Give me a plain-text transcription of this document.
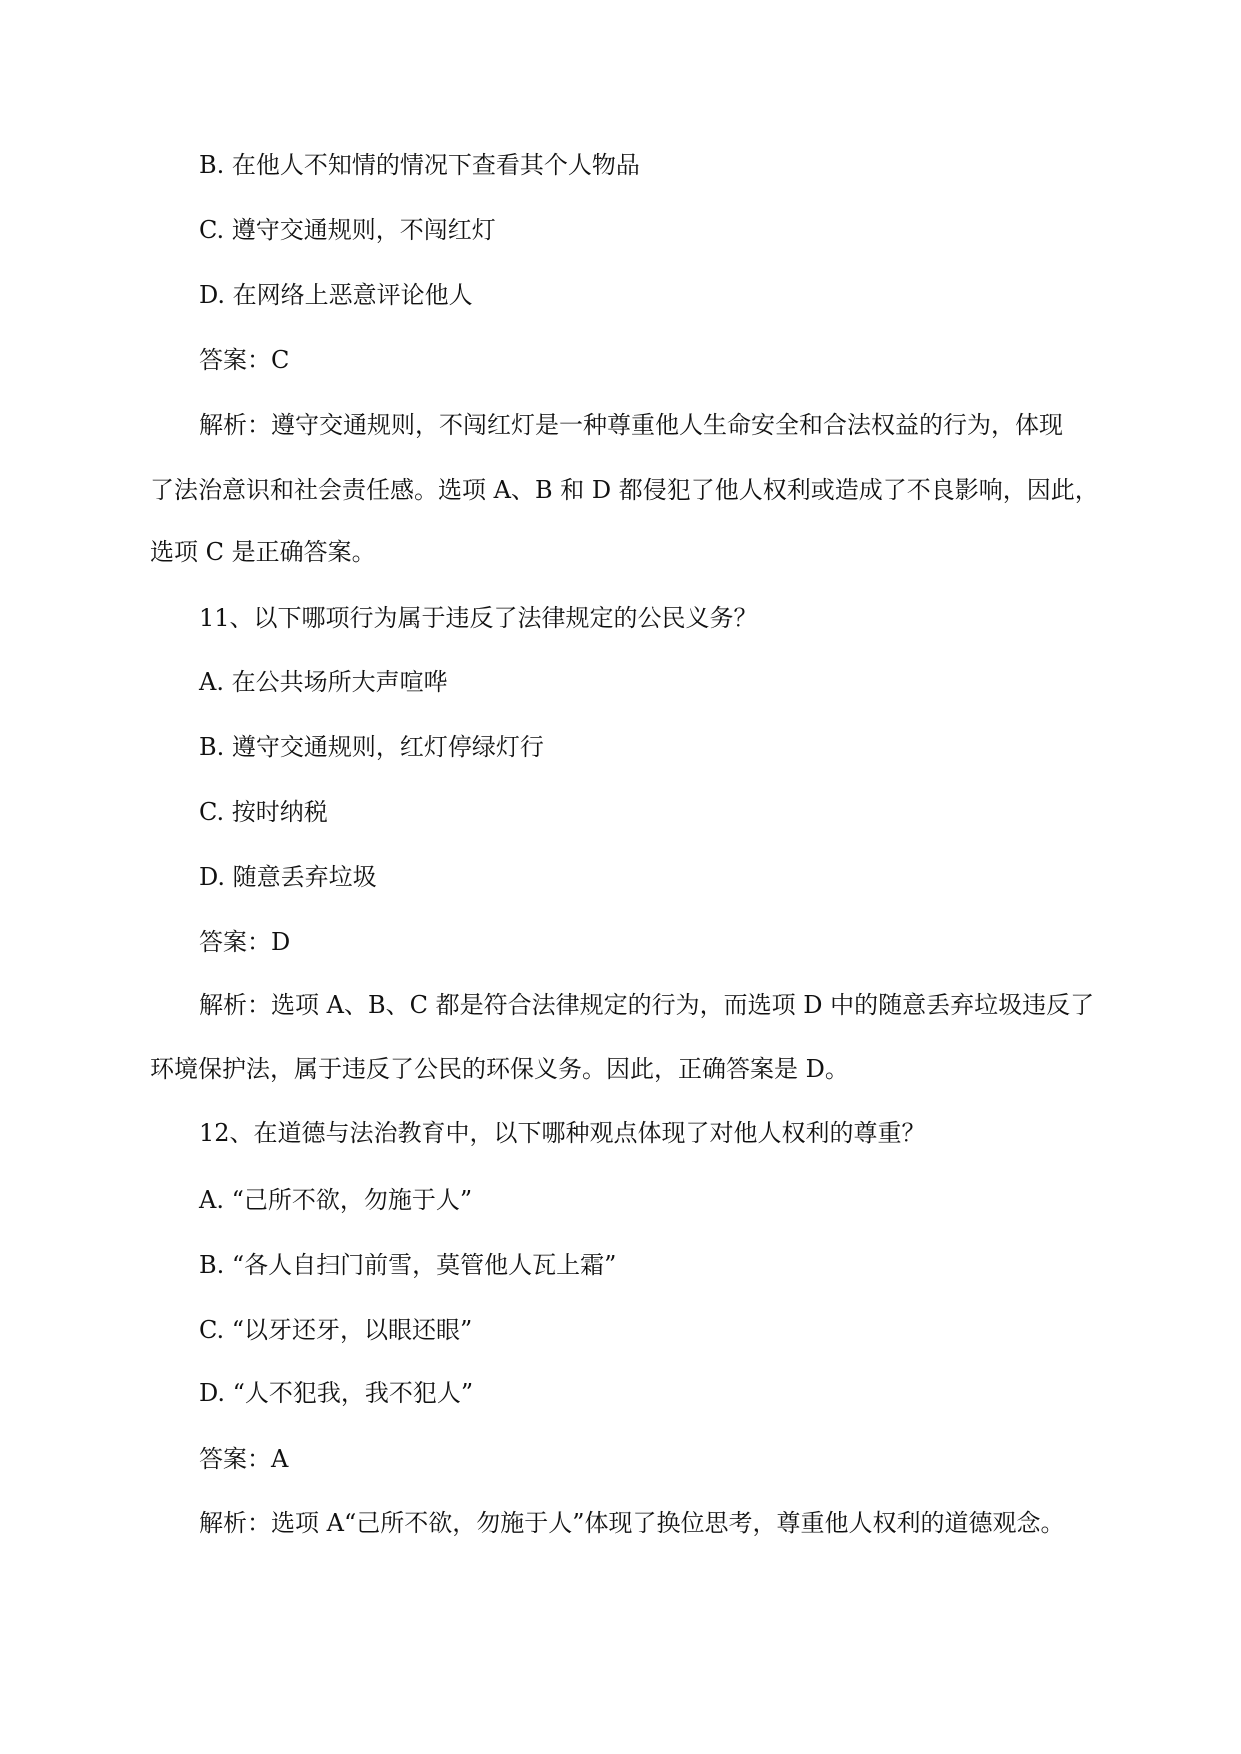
B. 在他人不知情的情况下查看其个人物品
C. 遵守交通规则，不闯红灯
D. 在网络上恶意评论他人
答案：C
解析：遵守交通规则，不闯红灯是一种尊重他人生命安全和合法权益的行为，体现
了法治意识和社会责任感。选项 A、B 和 D 都侵犯了他人权利或造成了不良影响，因此，
选项 C 是正确答案。
11、以下哪项行为属于违反了法律规定的公民义务？
A. 在公共场所大声喧哗
B. 遵守交通规则，红灯停绿灯行
C. 按时纳税
D. 随意丢弃垃圾
答案：D
解析：选项 A、B、C 都是符合法律规定的行为，而选项 D 中的随意丢弃垃圾违反了
环境保护法，属于违反了公民的环保义务。因此，正确答案是 D。
12、在道德与法治教育中，以下哪种观点体现了对他人权利的尊重？
A. “己所不欲，勿施于人”
B. “各人自扫门前雪，莫管他人瓦上霜”
C. “以牙还牙，以眼还眼”
D. “人不犯我，我不犯人”
答案：A
解析：选项 A“己所不欲，勿施于人”体现了换位思考，尊重他人权利的道德观念。
